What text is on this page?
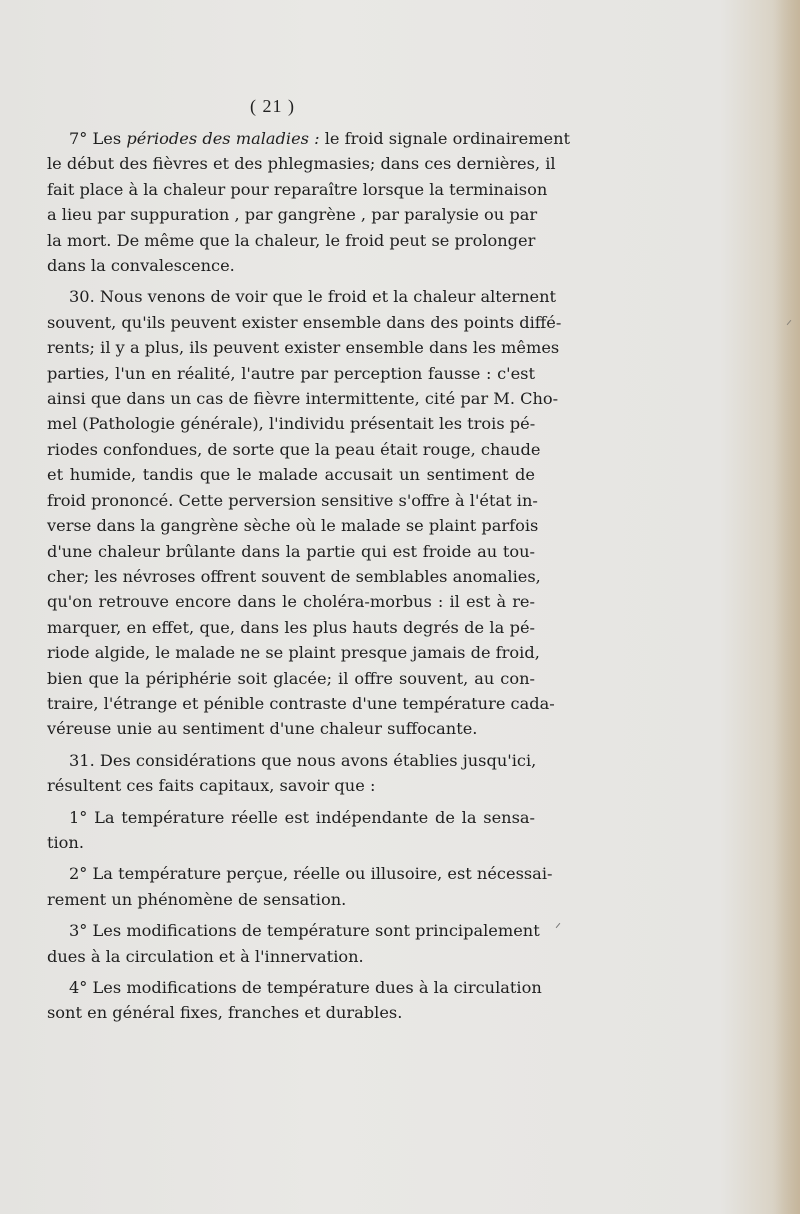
( 21 )
7° Les périodes des maladies : le froid signale ordinairement
le début des fièvres et des phlegmasies; dans ces dernières, il
fait place à la chaleur pour reparaître lorsque la terminaison
a lieu par suppuration , par gangrène , par paralysie ou par
la mort. De même que la chaleur, le froid peut se prolonger
dans la convalescence.
30. Nous venons de voir que le froid et la chaleur alternent
souvent, qu'ils peuvent exister ensemble dans des points diffé-
rents; il y a plus, ils peuvent exister ensemble dans les mêmes
parties, l'un en réalité, l'autre par perception fausse : c'est
ainsi que dans un cas de fièvre intermittente, cité par M. Cho-
mel (Pathologie générale), l'individu présentait les trois pé-
riodes confondues, de sorte que la peau était rouge, chaude
et humide, tandis que le malade accusait un sentiment de
froid prononcé. Cette perversion sensitive s'offre à l'état in-
verse dans la gangrène sèche où le malade se plaint parfois
d'une chaleur brûlante dans la partie qui est froide au tou-
cher; les névroses offrent souvent de semblables anomalies,
qu'on retrouve encore dans le choléra-morbus : il est à re-
marquer, en effet, que, dans les plus hauts degrés de la pé-
riode algide, le malade ne se plaint presque jamais de froid,
bien que la périphérie soit glacée; il offre souvent, au con-
traire, l'étrange et pénible contraste d'une température cada-
véreuse unie au sentiment d'une chaleur suffocante.
31. Des considérations que nous avons établies jusqu'ici,
résultent ces faits capitaux, savoir que :
1° La température réelle est indépendante de la sensa-
tion.
2° La température perçue, réelle ou illusoire, est nécessai-
rement un phénomène de sensation.
3° Les modifications de température sont principalement
dues à la circulation et à l'innervation.
4° Les modifications de température dues à la circulation
sont en général fixes, franches et durables.
